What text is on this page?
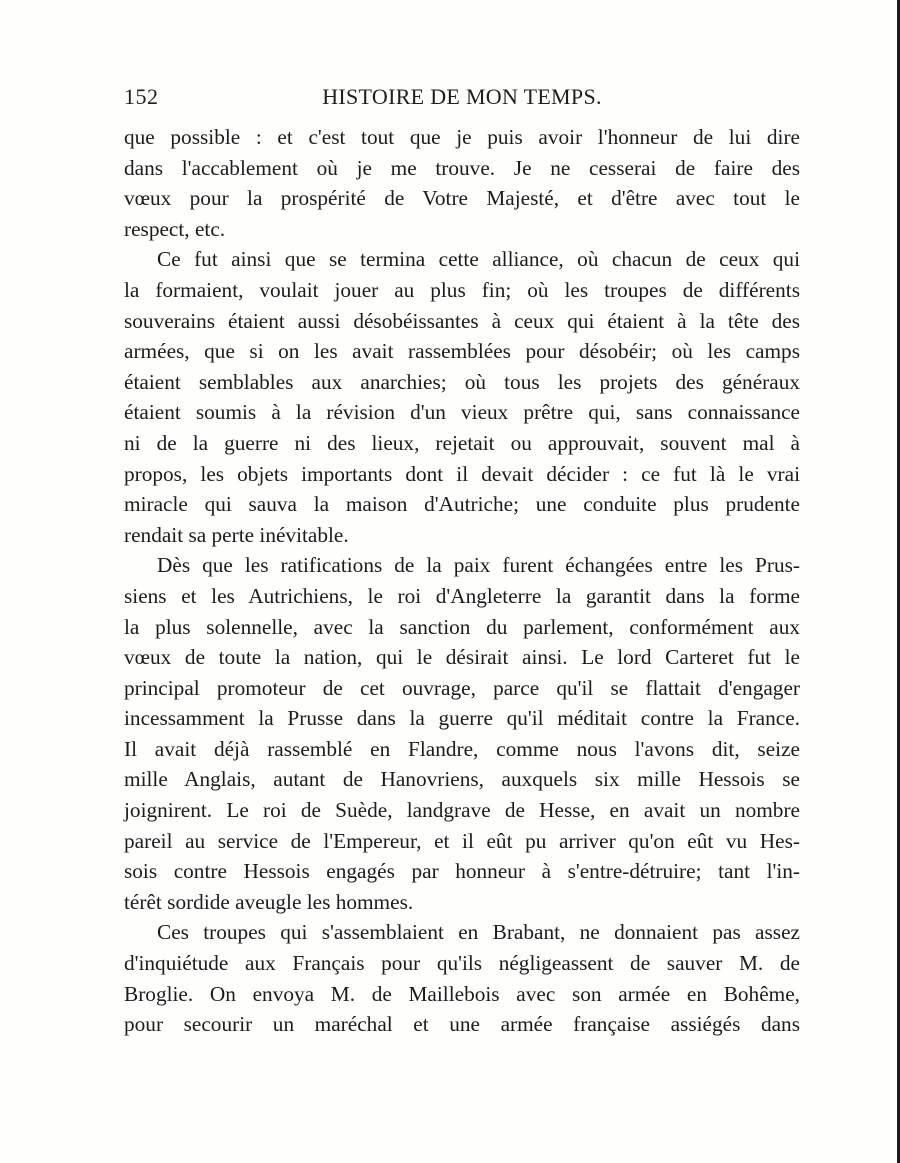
152	HISTOIRE DE MON TEMPS.
que possible : et c'est tout que je puis avoir l'honneur de lui dire
dans l'accablement où je me trouve. Je ne cesserai de faire des
vœux pour la prospérité de Votre Majesté, et d'être avec tout le
respect, etc.
Ce fut ainsi que se termina cette alliance, où chacun de ceux qui
la formaient, voulait jouer au plus fin; où les troupes de différents
souverains étaient aussi désobéissantes à ceux qui étaient à la tête des
armées, que si on les avait rassemblées pour désobéir; où les camps
étaient semblables aux anarchies; où tous les projets des généraux
étaient soumis à la révision d'un vieux prêtre qui, sans connaissance
ni de la guerre ni des lieux, rejetait ou approuvait, souvent mal à
propos, les objets importants dont il devait décider : ce fut là le vrai
miracle qui sauva la maison d'Autriche; une conduite plus prudente
rendait sa perte inévitable.
Dès que les ratifications de la paix furent échangées entre les Prus-
siens et les Autrichiens, le roi d'Angleterre la garantit dans la forme
la plus solennelle, avec la sanction du parlement, conformément aux
vœux de toute la nation, qui le désirait ainsi. Le lord Carteret fut le
principal promoteur de cet ouvrage, parce qu'il se flattait d'engager
incessamment la Prusse dans la guerre qu'il méditait contre la France.
Il avait déjà rassemblé en Flandre, comme nous l'avons dit, seize
mille Anglais, autant de Hanovriens, auxquels six mille Hessois se
joignirent. Le roi de Suède, landgrave de Hesse, en avait un nombre
pareil au service de l'Empereur, et il eût pu arriver qu'on eût vu Hes-
sois contre Hessois engagés par honneur à s'entre-détruire; tant l'in-
térêt sordide aveugle les hommes.
Ces troupes qui s'assemblaient en Brabant, ne donnaient pas assez
d'inquiétude aux Français pour qu'ils négligeassent de sauver M. de
Broglie. On envoya M. de Maillebois avec son armée en Bohême,
pour secourir un maréchal et une armée française assiégés dans
